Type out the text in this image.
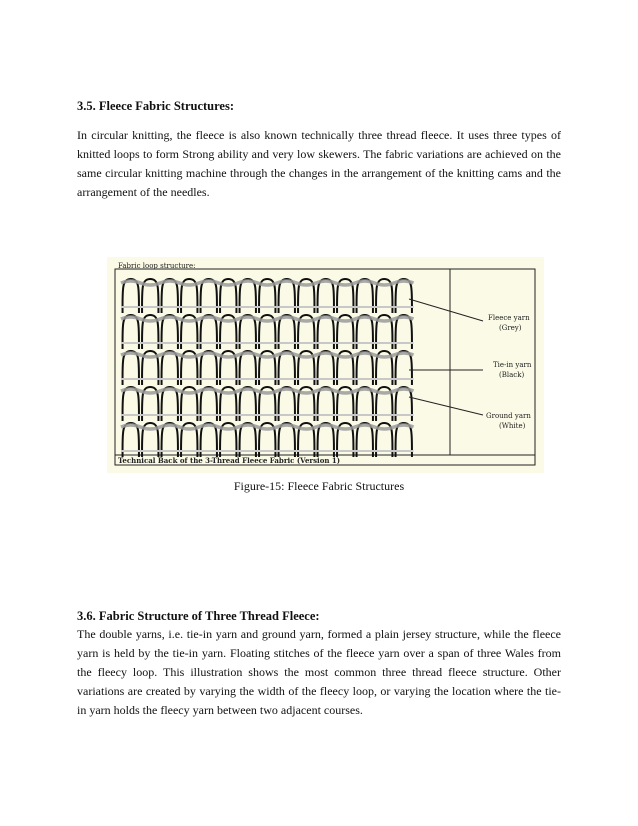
3.5. Fleece Fabric Structures:

In circular knitting, the fleece is also known technically three thread fleece. It uses three types of knitted loops to form Strong ability and very low skewers. The fabric variations are achieved on the same circular knitting machine through the changes in the arrangement of the knitting cams and the arrangement of the needles.

Fabric loop structure:
Fleece yarn
(Grey)
Tie-in yarn
(Black)
Ground yarn
(White)
Technical Back of the 3-Thread Fleece Fabric (Version 1)
Figure-15: Fleece Fabric Structures
3.6. Fabric Structure of Three Thread Fleece:

The double yarns, i.e. tie-in yarn and ground yarn, formed a plain jersey structure, while the fleece yarn is held by the tie-in yarn. Floating stitches of the fleece yarn over a span of three Wales from the fleecy loop. This illustration shows the most common three thread fleece structure. Other variations are created by varying the width of the fleecy loop, or varying the location where the tie-in yarn holds the fleecy yarn between two adjacent courses.
